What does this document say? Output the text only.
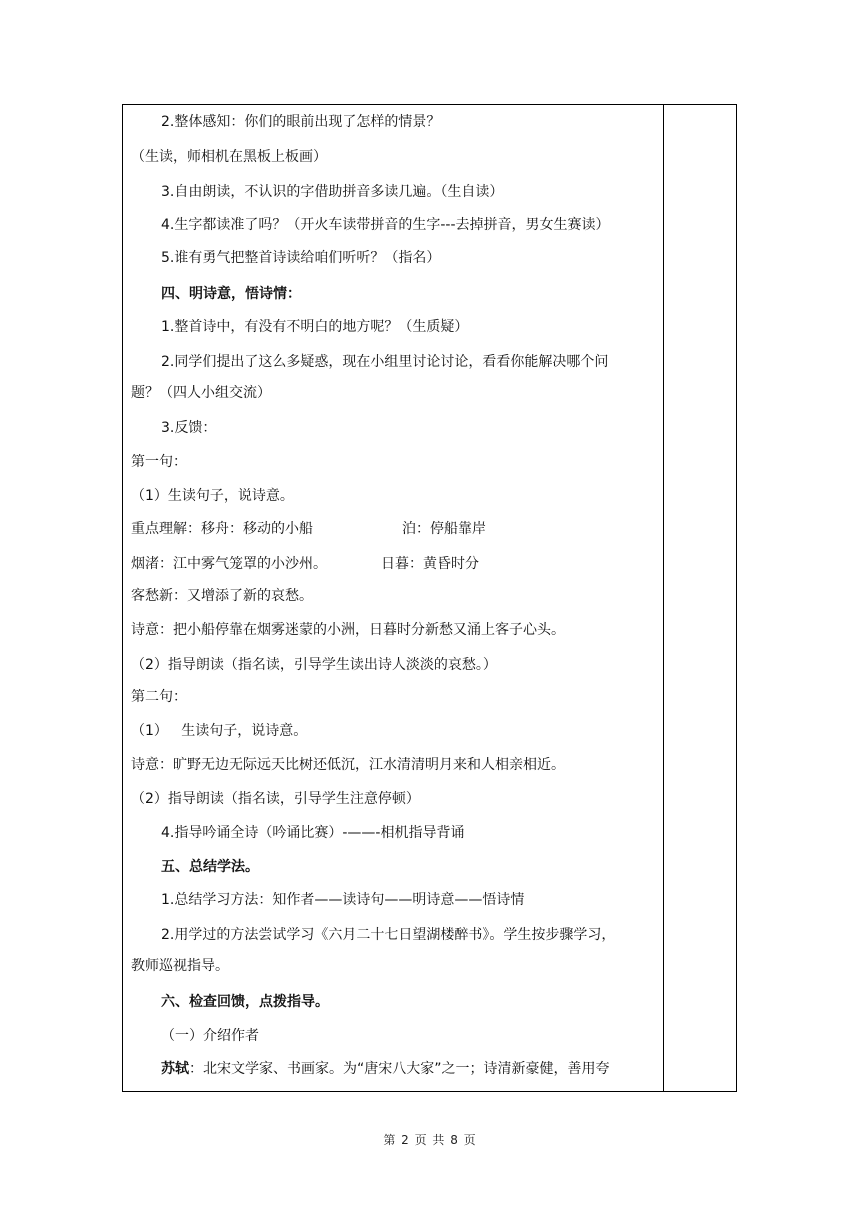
2.整体感知：你们的眼前出现了怎样的情景？
（生读，师相机在黑板上板画）
3.自由朗读，不认识的字借助拼音多读几遍。（生自读）
4.生字都读准了吗？（开火车读带拼音的生字---去掉拼音，男女生赛读）
5.谁有勇气把整首诗读给咱们听听？（指名）
四、明诗意，悟诗情：
1.整首诗中，有没有不明白的地方呢？（生质疑）
2.同学们提出了这么多疑惑，现在小组里讨论讨论，看看你能解决哪个问
题？（四人小组交流）
3.反馈：
第一句：
（1）生读句子，说诗意。
重点理解：移舟：移动的小船	泊：停船靠岸
烟渚：江中雾气笼罩的小沙州。	日暮：黄昏时分
客愁新：又增添了新的哀愁。
诗意：把小船停靠在烟雾迷蒙的小洲，日暮时分新愁又涌上客子心头。
（2）指导朗读（指名读，引导学生读出诗人淡淡的哀愁。）
第二句：
（1）   生读句子，说诗意。
诗意：旷野无边无际远天比树还低沉，江水清清明月来和人相亲相近。
（2）指导朗读（指名读，引导学生注意停顿）
4.指导吟诵全诗（吟诵比赛）-——-相机指导背诵
五、总结学法。
1.总结学习方法：知作者——读诗句——明诗意——悟诗情
2.用学过的方法尝试学习《六月二十七日望湖楼醉书》。学生按步骤学习，
教师巡视指导。
六、检查回馈，点拨指导。
（一）介绍作者
苏轼：北宋文学家、书画家。为“唐宋八大家”之一；诗清新豪健，善用夸
第 2 页 共 8 页
